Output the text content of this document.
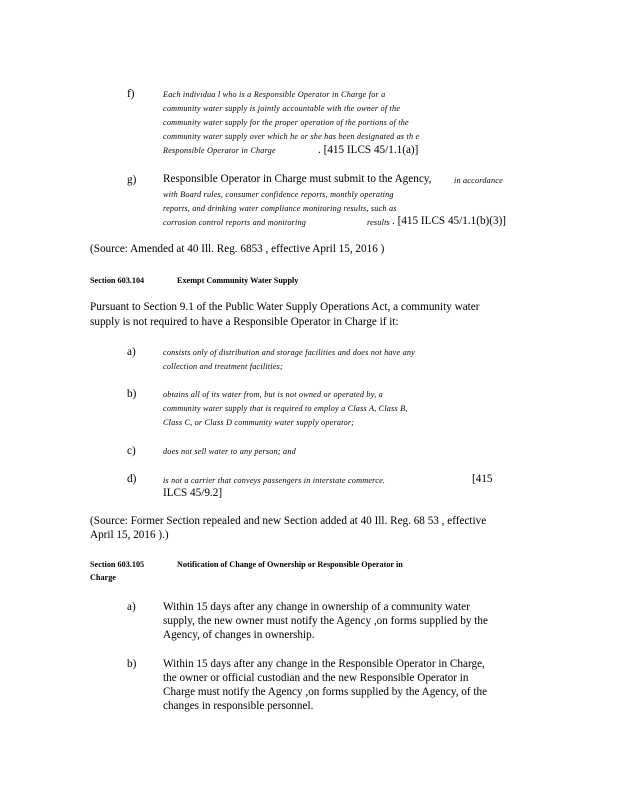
f)	Each individua l who is a Responsible Operator in Charge for a
community water supply is jointly accountable with the owner of the
community water supply for the proper operation of the portions of the
community water supply over which he or she has been designated as th e
Responsible Operator in Charge	. [415 ILCS 45/1.1(a)]
g) Responsible Operator in Charge must submit to the Agency,	in accordance
with Board rules, consumer confidence reports, monthly operating
reports, and drinking water compliance monitoring results, such as
corrosion control reports and monitoring	results . [415 ILCS 45/1.1(b)(3)]
(Source: Amended at 40 Ill. Reg. 6853 , effective April 15, 2016 )
Section 603.104	Exempt Community Water Supply
Pursuant to Section 9.1 of the Public Water Supply Operations Act, a community water
supply is not required to have a Responsible Operator in Charge if it:
a)	consists only of distribution and storage facilities and does not have any
collection and treatment facilities;
b)	obtains all of its water from, but is not owned or operated by, a
community water supply that is required to employ a Class A, Class B,
Class C, or Class D community water supply operator;
c)	does not sell water to any person; and
d)	is not a carrier that conveys passengers in interstate commerce.	[415
ILCS 45/9.2]
(Source: Former Section repealed and new Section added at 40 Ill. Reg. 68 53 , effective
April 15, 2016 ).)
Section 603.105	Notification of Change of Ownership or Responsible Operator in
Charge
a) Within 15 days after any change in ownership of a community water
supply, the new owner must notify the Agency ,on forms supplied by the
Agency, of changes in ownership.
b) Within 15 days after any change in the Responsible Operator in Charge,
the owner or official custodian and the new Responsible Operator in
Charge must notify the Agency ,on forms supplied by the Agency, of the
changes in responsible personnel.
